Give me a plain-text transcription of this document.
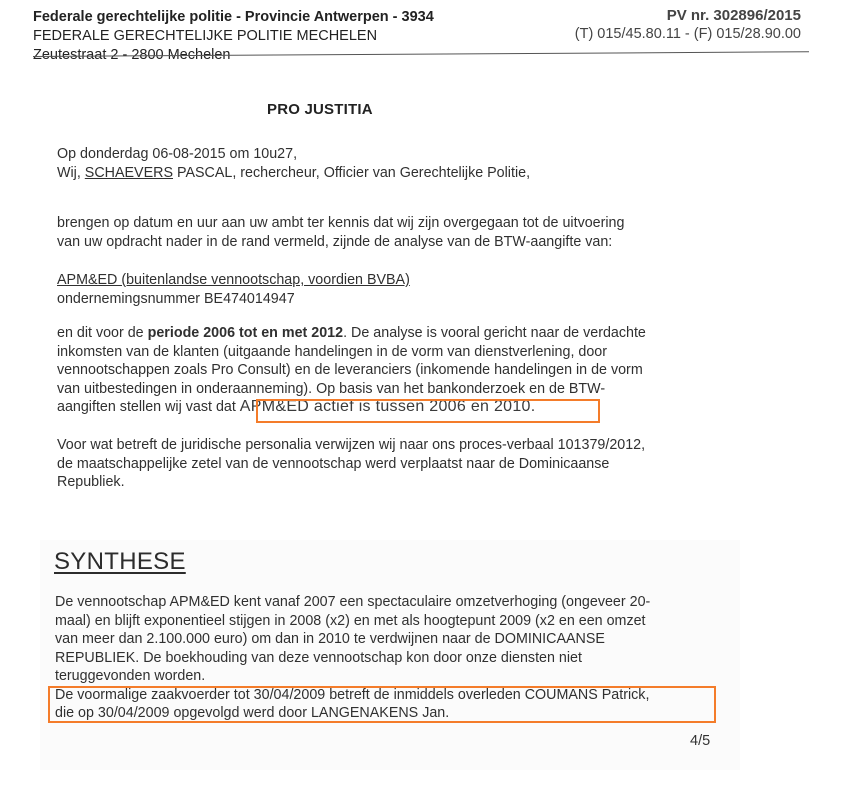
Federale gerechtelijke politie - Provincie Antwerpen - 3934
FEDERALE GERECHTELIJKE POLITIE MECHELEN
Zeutestraat 2 - 2800 Mechelen
PV nr. 302896/2015
(T) 015/45.80.11 - (F) 015/28.90.00
PRO JUSTITIA
Op donderdag 06-08-2015 om 10u27,
Wij, SCHAEVERS PASCAL, rechercheur, Officier van Gerechtelijke Politie,
brengen op datum en uur aan uw ambt ter kennis dat wij zijn overgegaan tot de uitvoering
van uw opdracht nader in de rand vermeld, zijnde de analyse van de BTW-aangifte van:
APM&ED (buitenlandse vennootschap, voordien BVBA)
ondernemingsnummer BE474014947
en dit voor de periode 2006 tot en met 2012. De analyse is vooral gericht naar de verdachte
inkomsten van de klanten (uitgaande handelingen in de vorm van dienstverlening, door
vennootschappen zoals Pro Consult) en de leveranciers (inkomende handelingen in de vorm
van uitbestedingen in onderaanneming). Op basis van het bankonderzoek en de BTW-
aangiften stellen wij vast dat APM&ED actief is tussen 2006 en 2010.
Voor wat betreft de juridische personalia verwijzen wij naar ons proces-verbaal 101379/2012,
de maatschappelijke zetel van de vennootschap werd verplaatst naar de Dominicaanse
Republiek.
SYNTHESE
De vennootschap APM&ED kent vanaf 2007 een spectaculaire omzetverhoging (ongeveer 20-
maal) en blijft exponentieel stijgen in 2008 (x2) en met als hoogtepunt 2009 (x2 en een omzet
van meer dan 2.100.000 euro) om dan in 2010 te verdwijnen naar de DOMINICAANSE
REPUBLIEK. De boekhouding van deze vennootschap kon door onze diensten niet
teruggevonden worden.
De voormalige zaakvoerder tot 30/04/2009 betreft de inmiddels overleden COUMANS Patrick,
die op 30/04/2009 opgevolgd werd door LANGENAKENS Jan.
4/5
